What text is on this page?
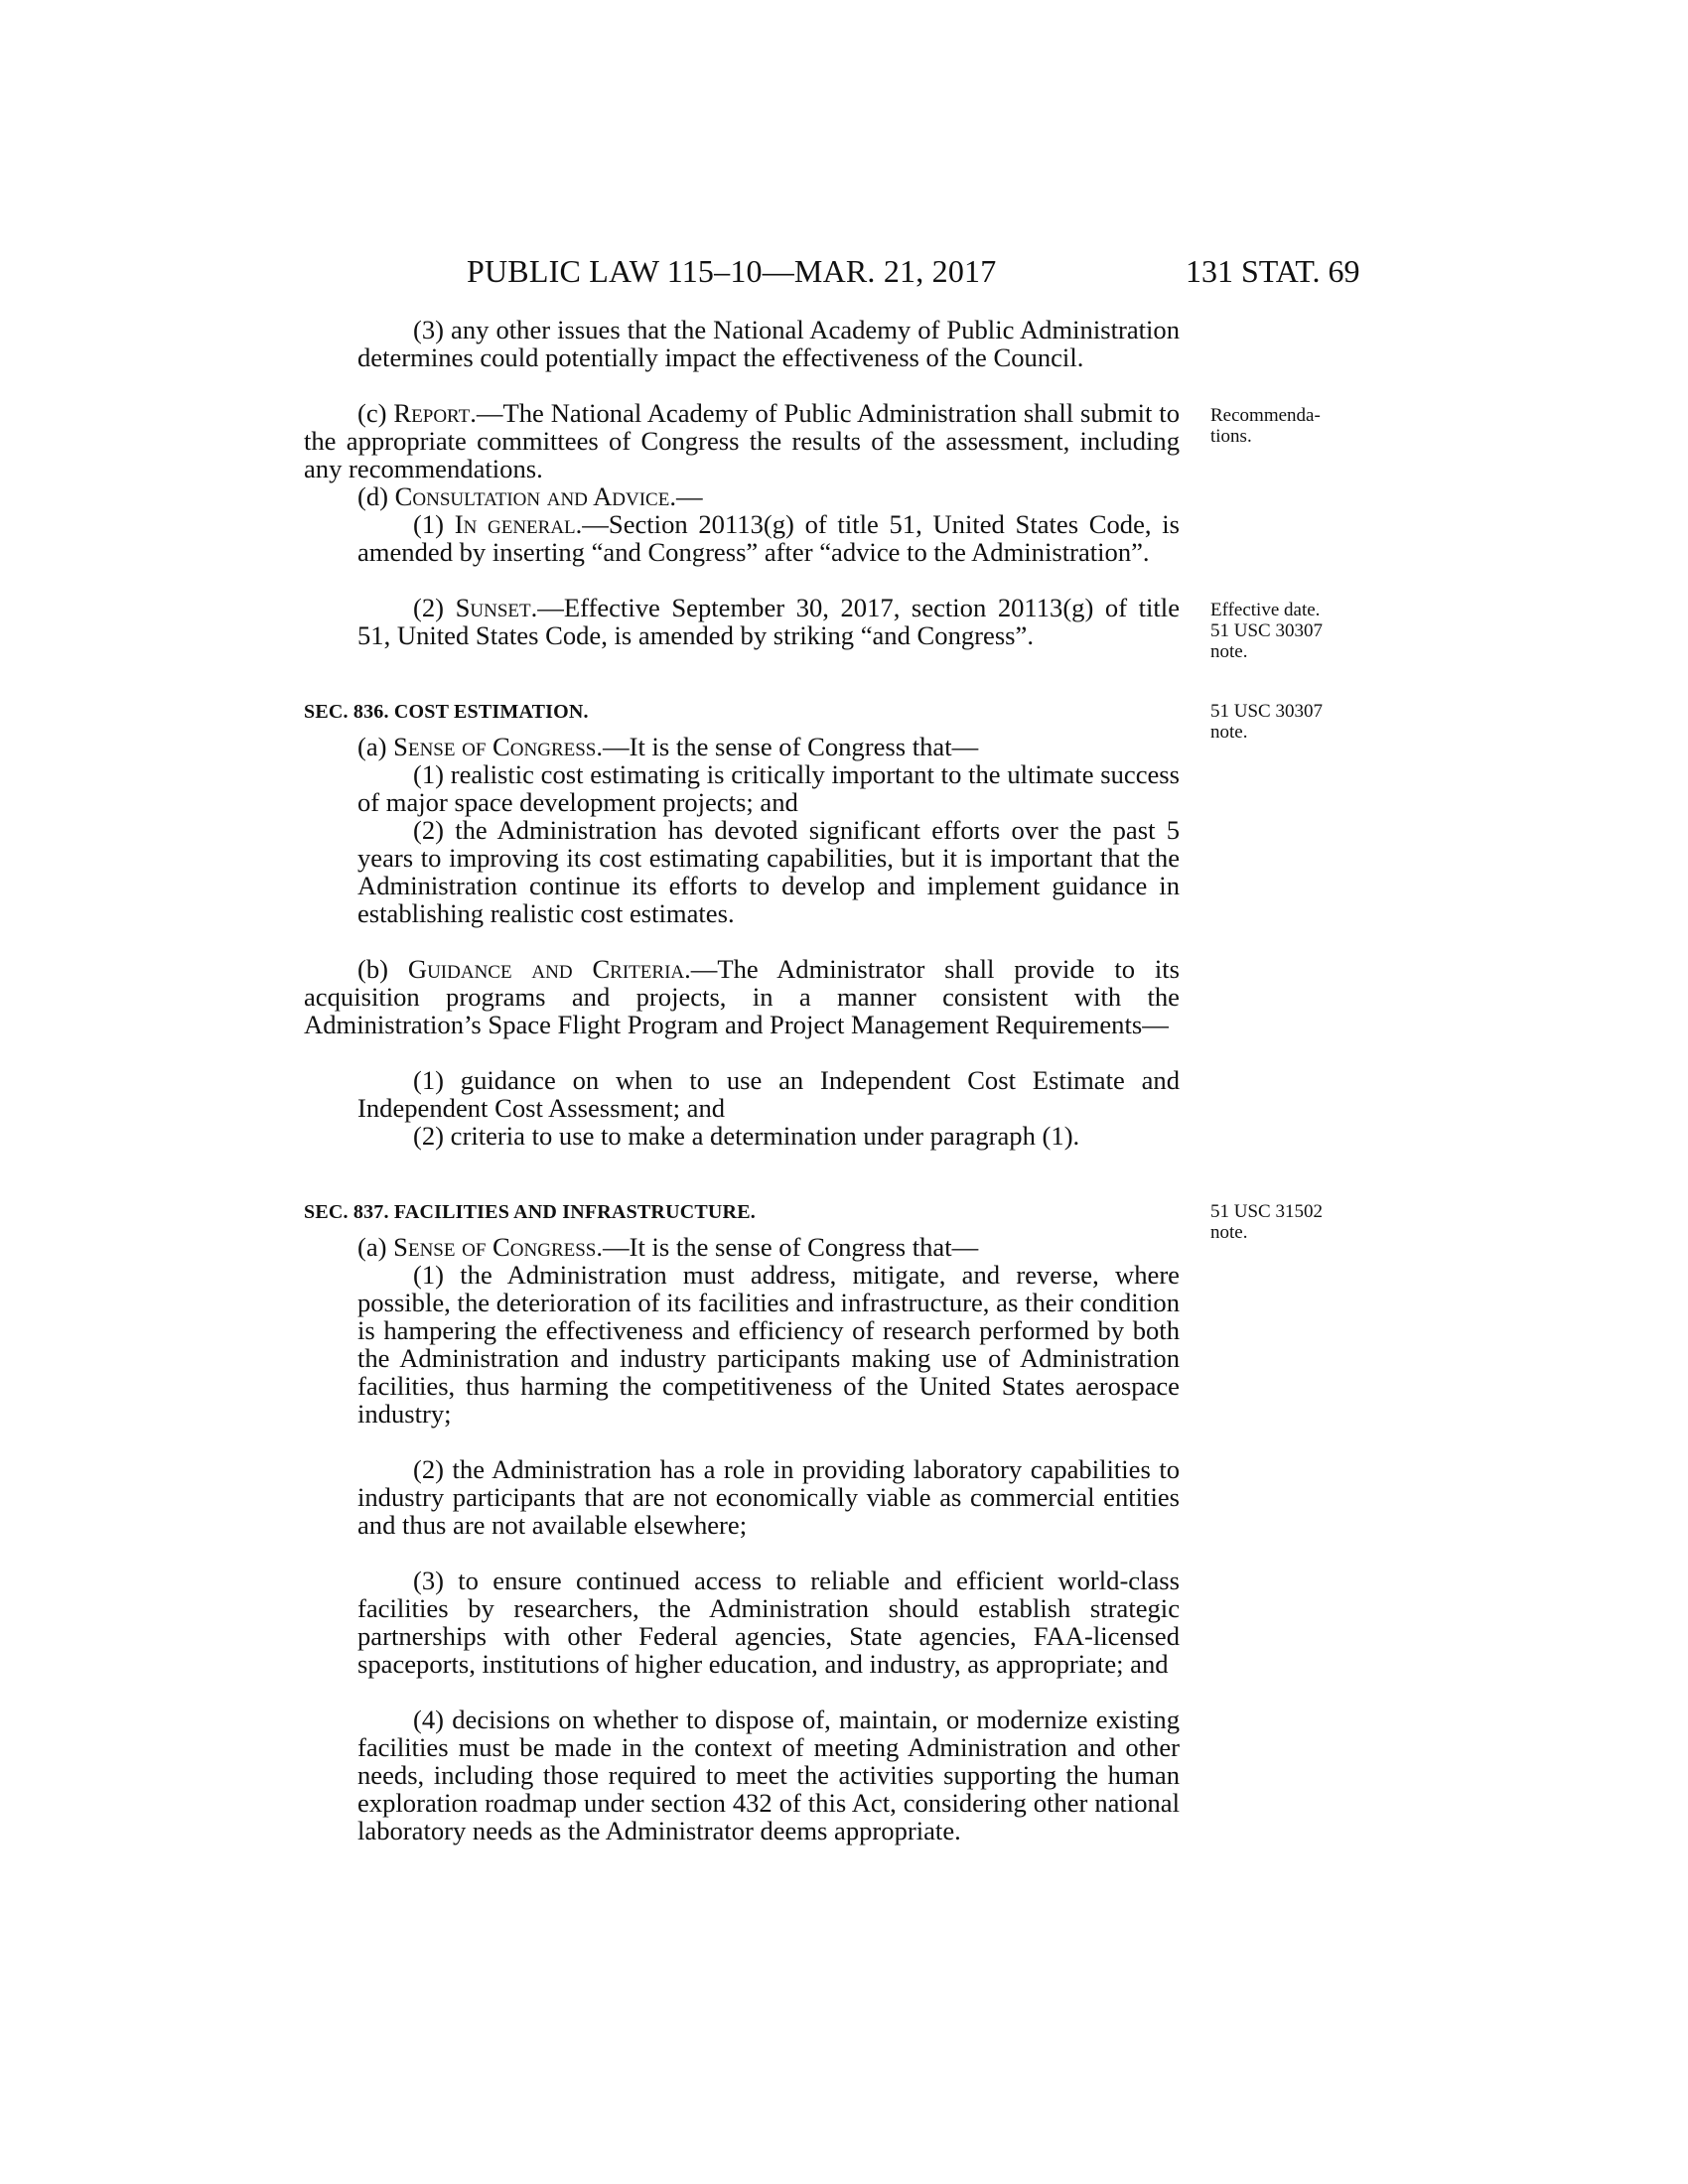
PUBLIC LAW 115–10—MAR. 21, 2017	131 STAT. 69
(3) any other issues that the National Academy of Public Administration determines could potentially impact the effectiveness of the Council.
(c) Report.—The National Academy of Public Administration shall submit to the appropriate committees of Congress the results of the assessment, including any recommendations.
(d) Consultation and Advice.—
(1) In general.—Section 20113(g) of title 51, United States Code, is amended by inserting “and Congress” after “advice to the Administration”.
(2) Sunset.—Effective September 30, 2017, section 20113(g) of title 51, United States Code, is amended by striking “and Congress”.
SEC. 836. COST ESTIMATION.
(a) Sense of Congress.—It is the sense of Congress that—
(1) realistic cost estimating is critically important to the ultimate success of major space development projects; and
(2) the Administration has devoted significant efforts over the past 5 years to improving its cost estimating capabilities, but it is important that the Administration continue its efforts to develop and implement guidance in establishing realistic cost estimates.
(b) Guidance and Criteria.—The Administrator shall provide to its acquisition programs and projects, in a manner consistent with the Administration’s Space Flight Program and Project Management Requirements—
(1) guidance on when to use an Independent Cost Estimate and Independent Cost Assessment; and
(2) criteria to use to make a determination under paragraph (1).
SEC. 837. FACILITIES AND INFRASTRUCTURE.
(a) Sense of Congress.—It is the sense of Congress that—
(1) the Administration must address, mitigate, and reverse, where possible, the deterioration of its facilities and infrastructure, as their condition is hampering the effectiveness and efficiency of research performed by both the Administration and industry participants making use of Administration facilities, thus harming the competitiveness of the United States aerospace industry;
(2) the Administration has a role in providing laboratory capabilities to industry participants that are not economically viable as commercial entities and thus are not available elsewhere;
(3) to ensure continued access to reliable and efficient world-class facilities by researchers, the Administration should establish strategic partnerships with other Federal agencies, State agencies, FAA-licensed spaceports, institutions of higher education, and industry, as appropriate; and
(4) decisions on whether to dispose of, maintain, or modernize existing facilities must be made in the context of meeting Administration and other needs, including those required to meet the activities supporting the human exploration roadmap under section 432 of this Act, considering other national laboratory needs as the Administrator deems appropriate.
Recommenda-
tions.
Effective date.
51 USC 30307
note.
51 USC 30307
note.
51 USC 31502
note.
